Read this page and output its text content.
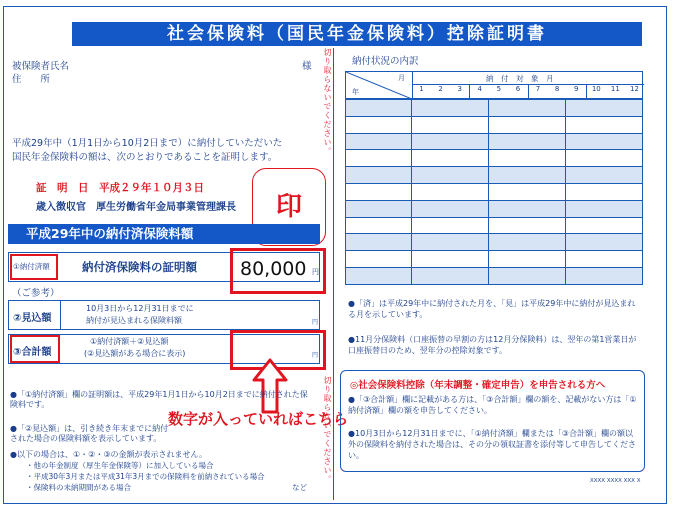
社会保険料（国民年金保険料）控除証明書
被保険者氏名	様
住　　所	切り取らないでください。
切り取らないでください。
平成29年中（1月1日から10月2日まで）に納付していただいた
国民年金保険料の額は、次のとおりであることを証明します。
証　明　日　平成２９年１０月３日
歳入徴収官　厚生労働省年金局事業管理課長	印
平成29年中の納付済保険料額
①納付済額	納付済保険料の証明額 80,000 円
（ご参考）
②見込額
10月3日から12月31日までに
納付が見込まれる保険料額	円
③合計額
①納付済額＋②見込額
(②見込額がある場合に表示)	円
数字が入っていればこちら
●「①納付済額」欄の証明額は、平成29年1月1日から10月2日までに納付された保険料です。
●「②見込額」は、引き続き年末までに納付された場合の保険料額を表示しています。
●以下の場合は、①・②・③の金額が表示されません。
・他の年金制度（厚生年金保険等）に加入している場合
・平成30年3月または平成31年3月までの保険料を前納されている場合
・保険料の未納期間がある場合	など
納付状況の内訳
月
年
納　付　対　象　月
1 2 3 4 5 6 7 8 9 10 11 12

●「済」は平成29年中に納付された月を、「見」は平成29年中に納付が見込まれる月を示しています。
●11月分保険料（口座振替の早割の方は12月分保険料）は、翌年の第1営業日が口座振替日のため、翌年分の控除対象です。
◎社会保険料控除（年末調整・確定申告）を申告される方へ
●「③合計額」欄に記載がある方は、「③合計額」欄の額を、記載がない方は「①納付済額」欄の額を申告してください。
●10月3日から12月31日までに、「①納付済額」欄または「③合計額」欄の額以外の保険料を納付された場合は、その分の領収証書を添付等して申告してください。
XXXX XXXX XXX X
